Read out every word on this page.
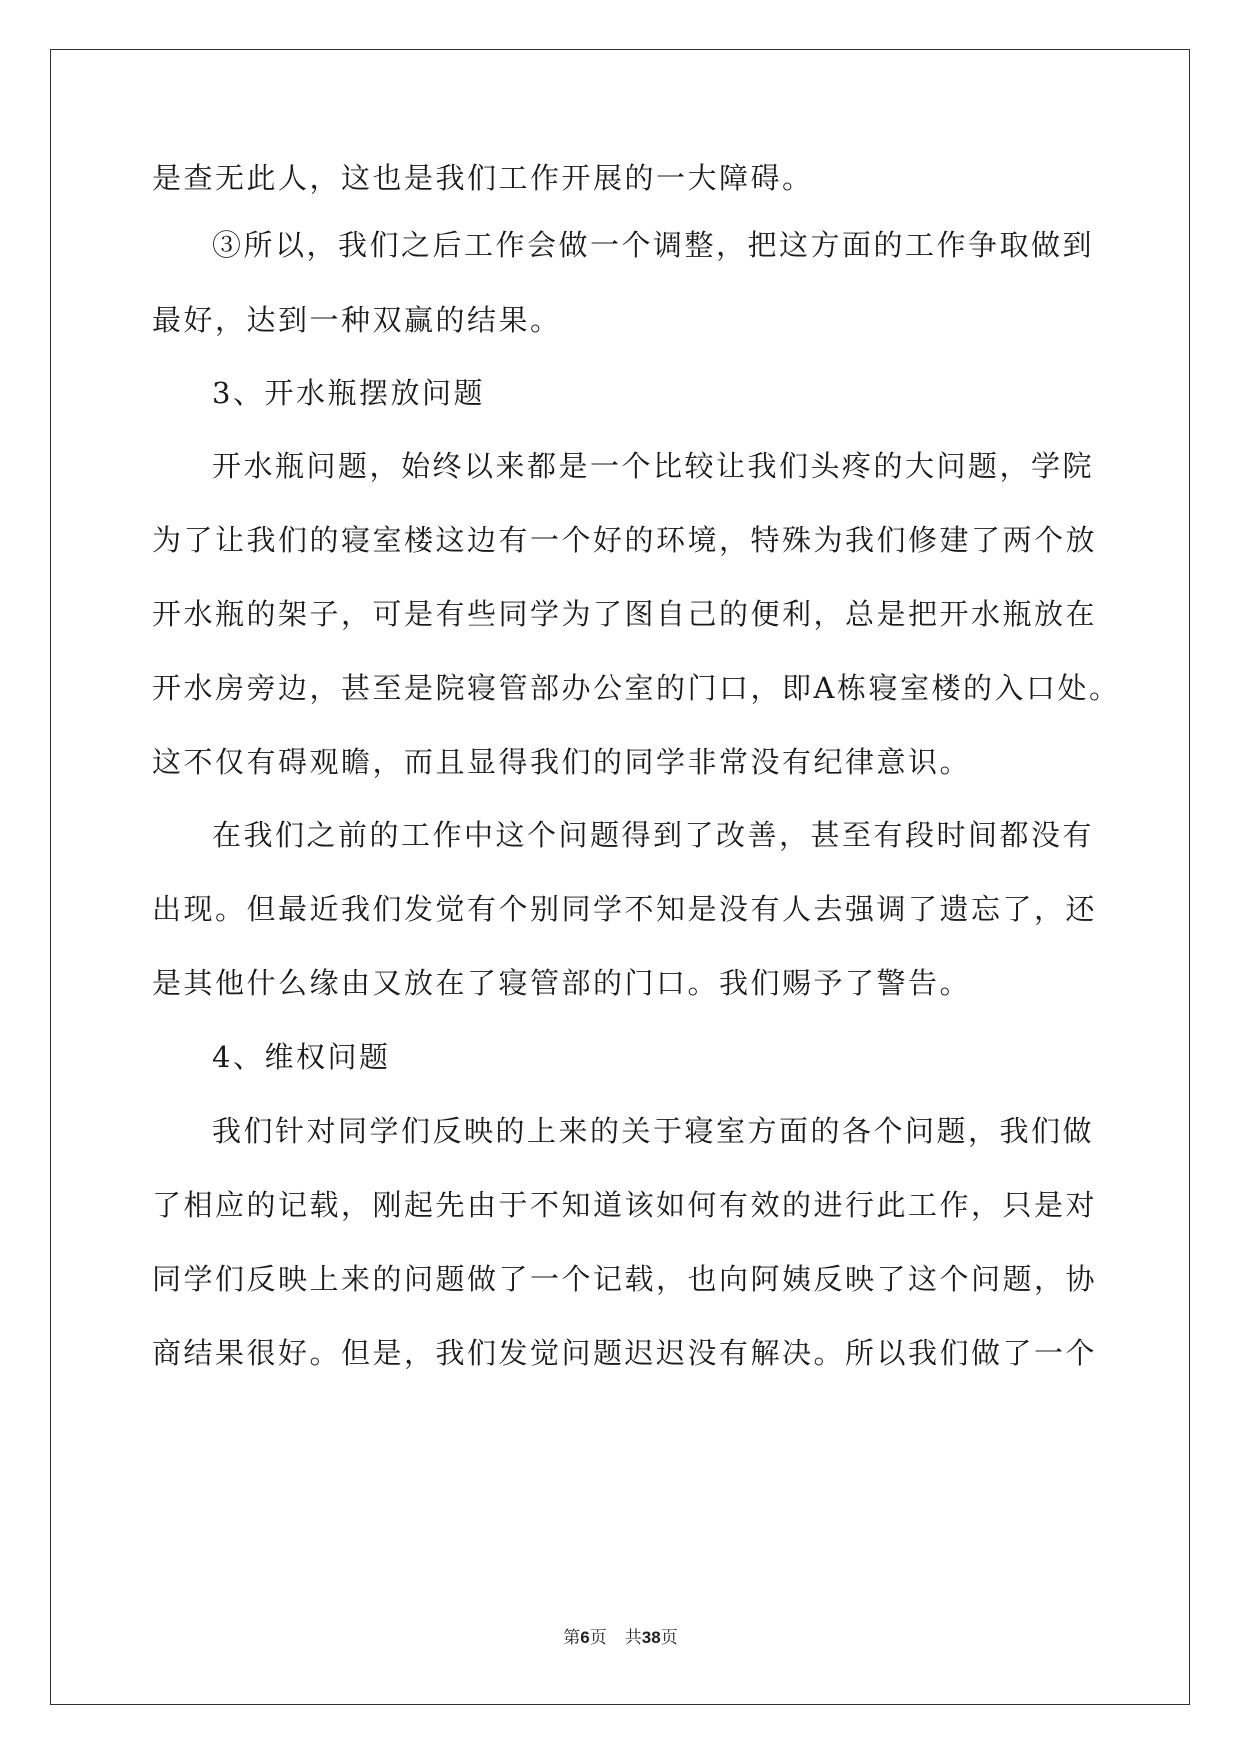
是查无此人，这也是我们工作开展的一大障碍。
③所以，我们之后工作会做一个调整，把这方面的工作争取做到
最好，达到一种双赢的结果。
3、开水瓶摆放问题
开水瓶问题，始终以来都是一个比较让我们头疼的大问题，学院
为了让我们的寝室楼这边有一个好的环境，特殊为我们修建了两个放
开水瓶的架子，可是有些同学为了图自己的便利，总是把开水瓶放在
开水房旁边，甚至是院寝管部办公室的门口，即A栋寝室楼的入口处。
这不仅有碍观瞻，而且显得我们的同学非常没有纪律意识。
在我们之前的工作中这个问题得到了改善，甚至有段时间都没有
出现。但最近我们发觉有个别同学不知是没有人去强调了遗忘了，还
是其他什么缘由又放在了寝管部的门口。我们赐予了警告。
4、维权问题
我们针对同学们反映的上来的关于寝室方面的各个问题，我们做
了相应的记载，刚起先由于不知道该如何有效的进行此工作，只是对
同学们反映上来的问题做了一个记载，也向阿姨反映了这个问题，协
商结果很好。但是，我们发觉问题迟迟没有解决。所以我们做了一个
第6页 共38页
